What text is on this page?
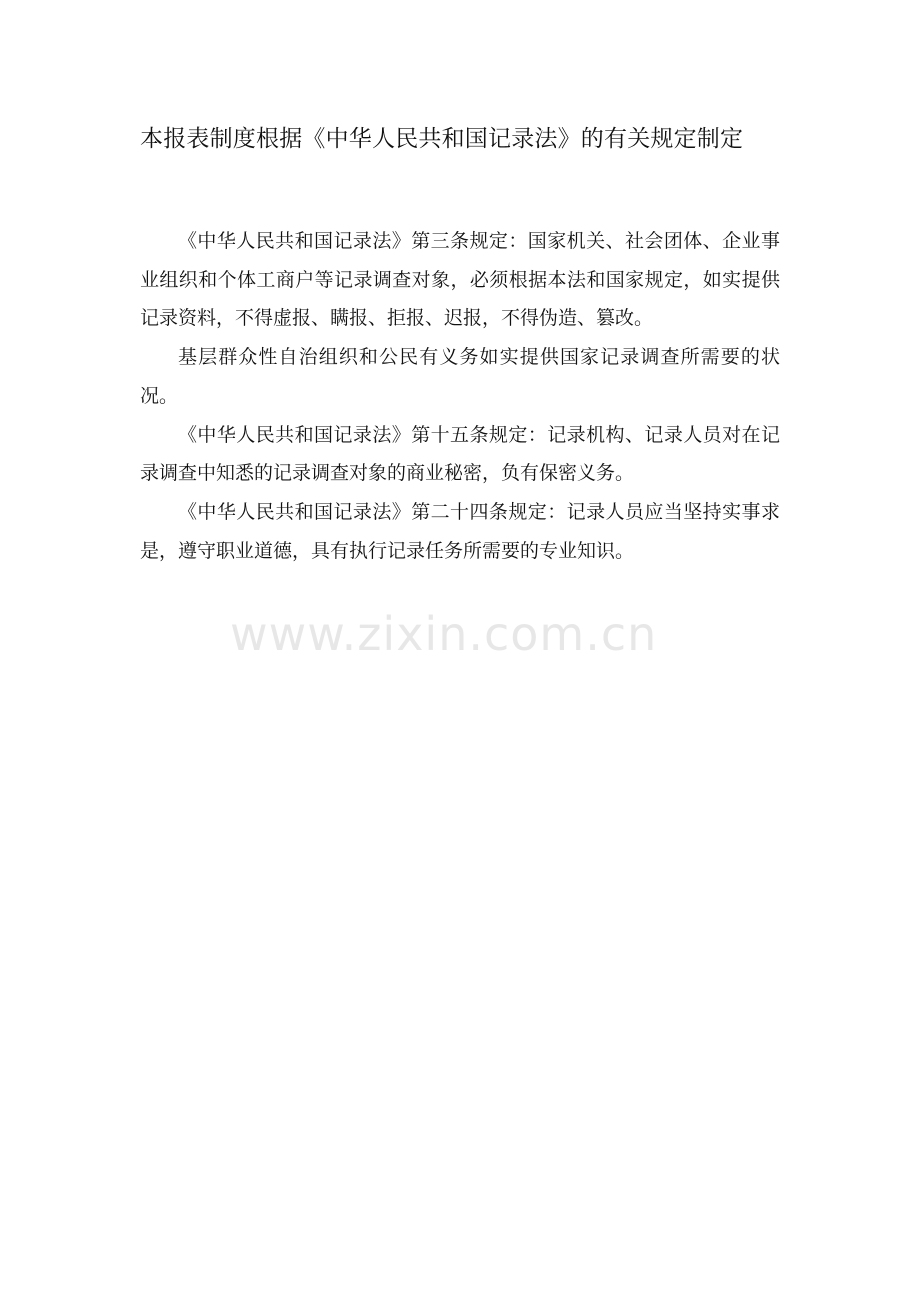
本报表制度根据《中华人民共和国记录法》的有关规定制定

《中华人民共和国记录法》第三条规定：国家机关、社会团体、企业事业组织和个体工商户等记录调查对象，必须根据本法和国家规定，如实提供记录资料，不得虚报、瞒报、拒报、迟报，不得伪造、篡改。

基层群众性自治组织和公民有义务如实提供国家记录调查所需要的状况。

《中华人民共和国记录法》第十五条规定：记录机构、记录人员对在记录调查中知悉的记录调查对象的商业秘密，负有保密义务。

《中华人民共和国记录法》第二十四条规定：记录人员应当坚持实事求是，遵守职业道德，具有执行记录任务所需要的专业知识。

www.zixin.com.cn
